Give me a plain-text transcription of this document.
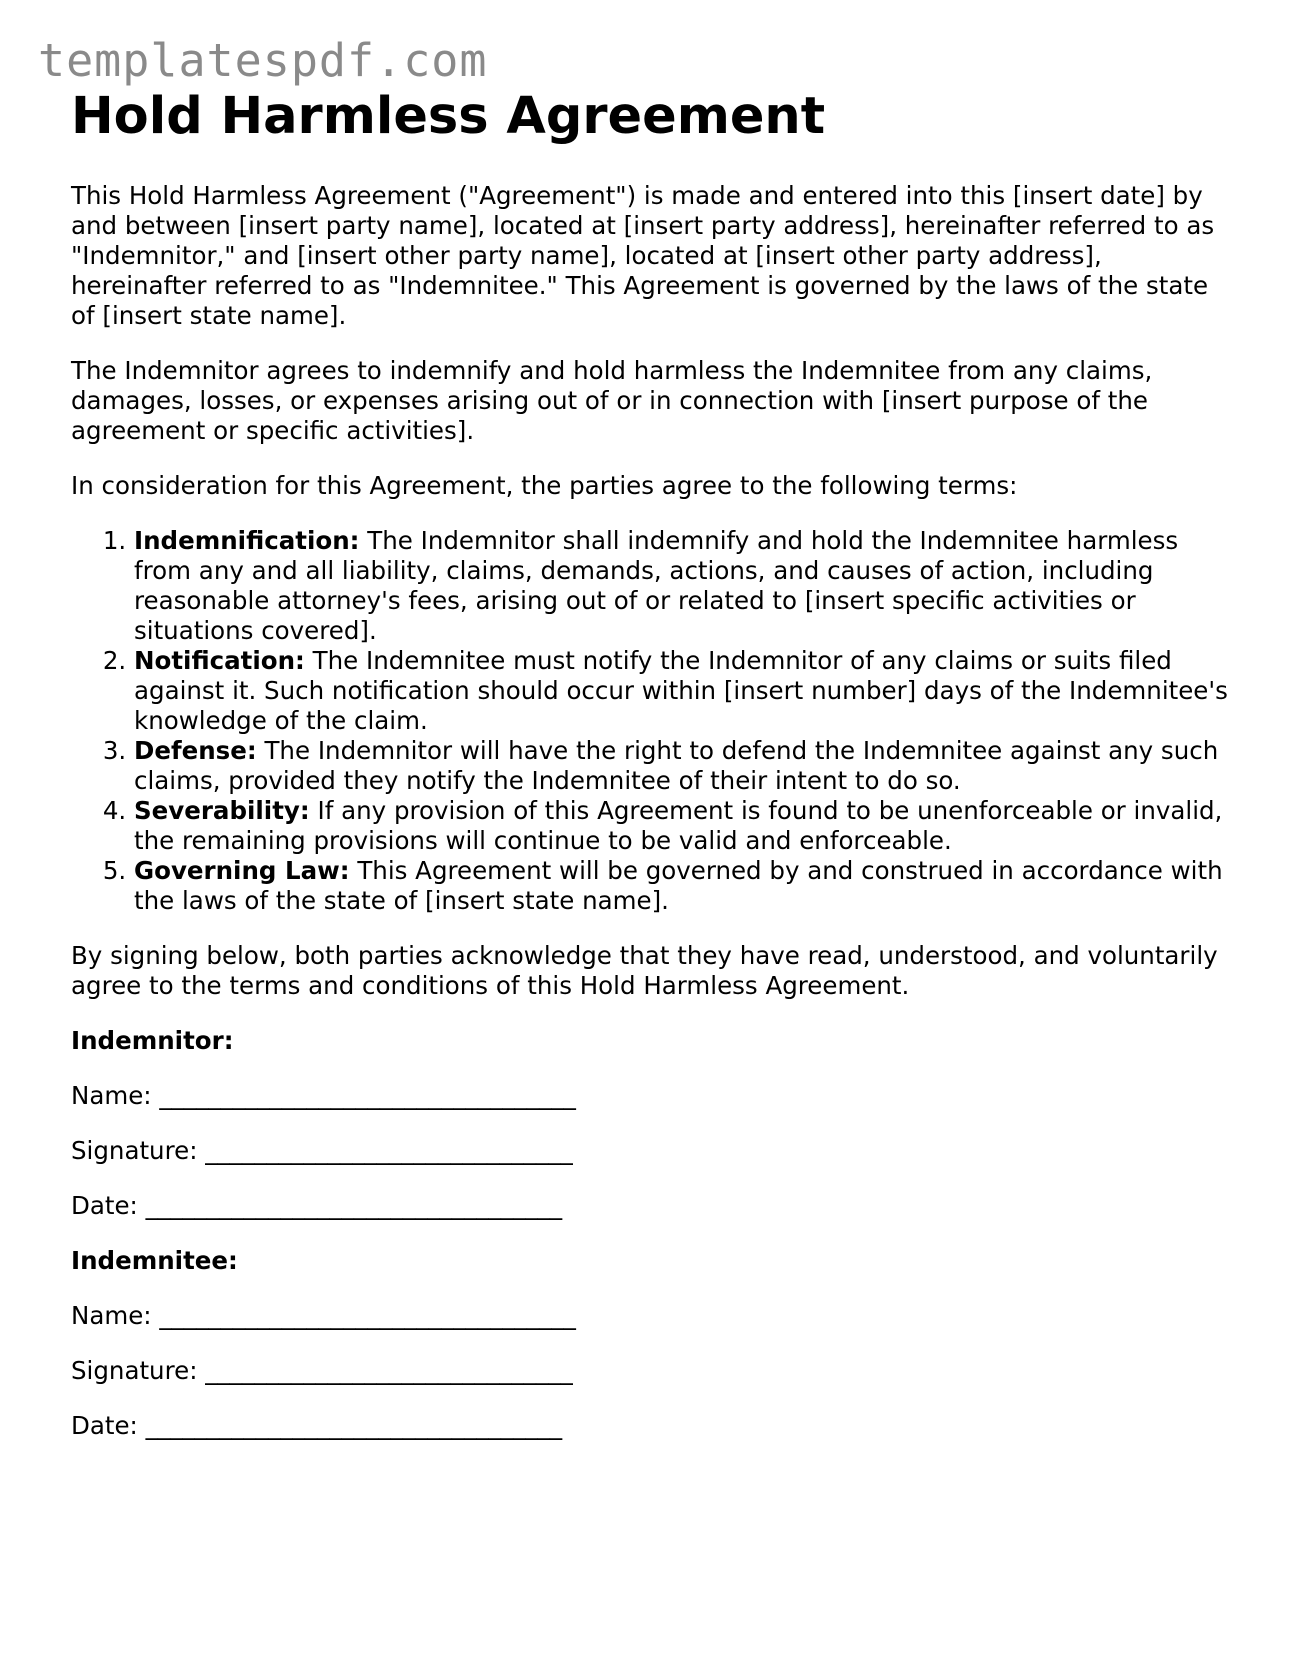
templatespdf.com
Hold Harmless Agreement

This Hold Harmless Agreement ("Agreement") is made and entered into this [insert date] by and between [insert party name], located at [insert party address], hereinafter referred to as "Indemnitor," and [insert other party name], located at [insert other party address], hereinafter referred to as "Indemnitee." This Agreement is governed by the laws of the state of [insert state name].

The Indemnitor agrees to indemnify and hold harmless the Indemnitee from any claims, damages, losses, or expenses arising out of or in connection with [insert purpose of the agreement or specific activities].

In consideration for this Agreement, the parties agree to the following terms:

1. Indemnification: The Indemnitor shall indemnify and hold the Indemnitee harmless from any and all liability, claims, demands, actions, and causes of action, including reasonable attorney's fees, arising out of or related to [insert specific activities or situations covered].
2. Notification: The Indemnitee must notify the Indemnitor of any claims or suits filed against it. Such notification should occur within [insert number] days of the Indemnitee's knowledge of the claim.
3. Defense: The Indemnitor will have the right to defend the Indemnitee against any such claims, provided they notify the Indemnitee of their intent to do so.
4. Severability: If any provision of this Agreement is found to be unenforceable or invalid, the remaining provisions will continue to be valid and enforceable.
5. Governing Law: This Agreement will be governed by and construed in accordance with the laws of the state of [insert state name].

By signing below, both parties acknowledge that they have read, understood, and voluntarily agree to the terms and conditions of this Hold Harmless Agreement.

Indemnitor:
Name: __________________________________
Signature: ______________________________
Date: __________________________________
Indemnitee:
Name: __________________________________
Signature: ______________________________
Date: __________________________________
